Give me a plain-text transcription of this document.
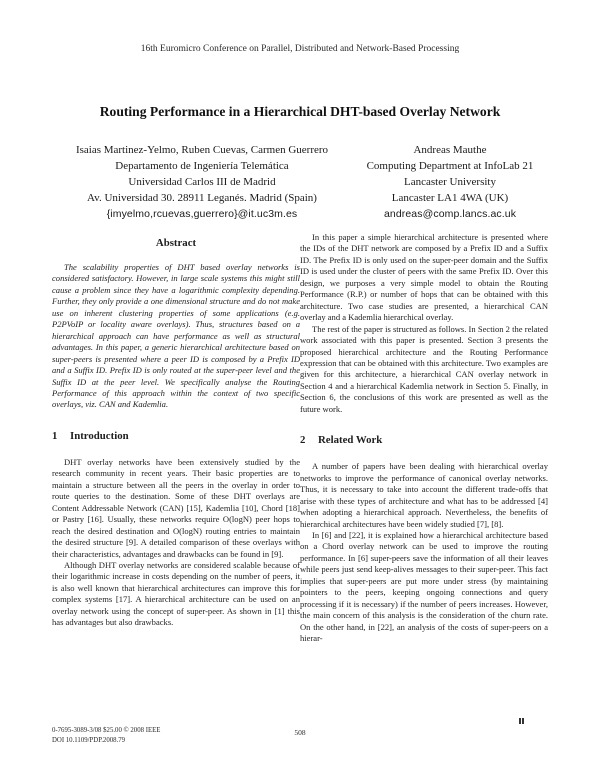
16th Euromicro Conference on Parallel, Distributed and Network-Based Processing
Routing Performance in a Hierarchical DHT-based Overlay Network
Isaias Martinez-Yelmo, Ruben Cuevas, Carmen Guerrero
Departamento de Ingeniería Telemática
Universidad Carlos III de Madrid
Av. Universidad 30. 28911 Leganés. Madrid (Spain)
{imyelmo,rcuevas,guerrero}@it.uc3m.es
Andreas Mauthe
Computing Department at InfoLab 21
Lancaster University
Lancaster LA1 4WA (UK)
andreas@comp.lancs.ac.uk
Abstract

The scalability properties of DHT based overlay networks is considered satisfactory. However, in large scale systems this might still cause a problem since they have a logarithmic complexity depending. Further, they only provide a one dimensional structure and do not make use on inherent clustering properties of some applications (e.g. P2PVoIP or locality aware overlays). Thus, structures based on a hierarchical approach can have performance as well as structural advantages. In this paper, a generic hierarchical architecture based on super-peers is presented where a peer ID is composed by a Prefix ID and a Suffix ID. Prefix ID is only routed at the super-peer level and the Suffix ID at the peer level. We specifically analyse the Routing Performance of this approach within the context of two specific overlays, viz. CAN and Kademlia.

1 Introduction

DHT overlay networks have been extensively studied by the research community in recent years. Their basic properties are to maintain a structure between all the peers in the overlay in order to route queries to the destination. Some of these DHT overlays are Content Addressable Network (CAN) [15], Kademlia [10], Chord [18] or Pastry [16]. Usually, these networks require O(logN) peer hops to reach the desired destination and O(logN) routing entries to maintain the desired structure [9]. A detailed comparison of these overlays with their characteristics, advantages and drawbacks can be found in [9].

Although DHT overlay networks are considered scalable because of their logarithmic increase in costs depending on the number of peers, it is also well known that hierarchical architectures can improve this for complex systems [17]. A hierarchical architecture can be used on an overlay network using the concept of super-peer. As shown in [1] this has advantages but also drawbacks.

In this paper a simple hierarchical architecture is presented where the IDs of the DHT network are composed by a Prefix ID and a Suffix ID. The Prefix ID is only used on the super-peer domain and the Suffix ID is used under the cluster of peers with the same Prefix ID. Over this design, we purposes a very simple model to obtain the Routing Performance (R.P.) or number of hops that can be obtained with this architecture. Two case studies are presented, a hierarchical CAN overlay and a Kademlia hierarchical overlay.

The rest of the paper is structured as follows. In Section 2 the related work associated with this paper is presented. Section 3 presents the proposed hierarchical architecture and the Routing Performance expression that can be obtained with this architecture. Two examples are given for this architecture, a hierarchical CAN overlay network in Section 4 and a hierarchical Kademlia network in Section 5. Finally, in Section 6, the conclusions of this work are presented as well as the future work.

2 Related Work

A number of papers have been dealing with hierarchical overlay networks to improve the performance of canonical overlay networks. Thus, it is necessary to take into account the different trade-offs that arise with these types of architecture and what has to be addressed [4] when adopting a hierarchical approach. Nevertheless, the benefits of hierarchical architectures have been widely studied [7], [8].

In [6] and [22], it is explained how a hierarchical architecture based on a Chord overlay network can be used to improve the routing performance. In [6] super-peers save the information of all their leaves while peers just send keep-alives messages to their super-peer. This fact implies that super-peers are put more under stress (by maintaining pointers to the peers, keeping ongoing connections and query processing if it is necessary) if the number of peers increases. However, the main concern of this analysis is the consideration of the churn rate. On the other hand, in [22], an analysis of the costs of super-peers on a hierar-

0-7695-3089-3/08 $25.00 © 2008 IEEE
DOI 10.1109/PDP.2008.79
508
